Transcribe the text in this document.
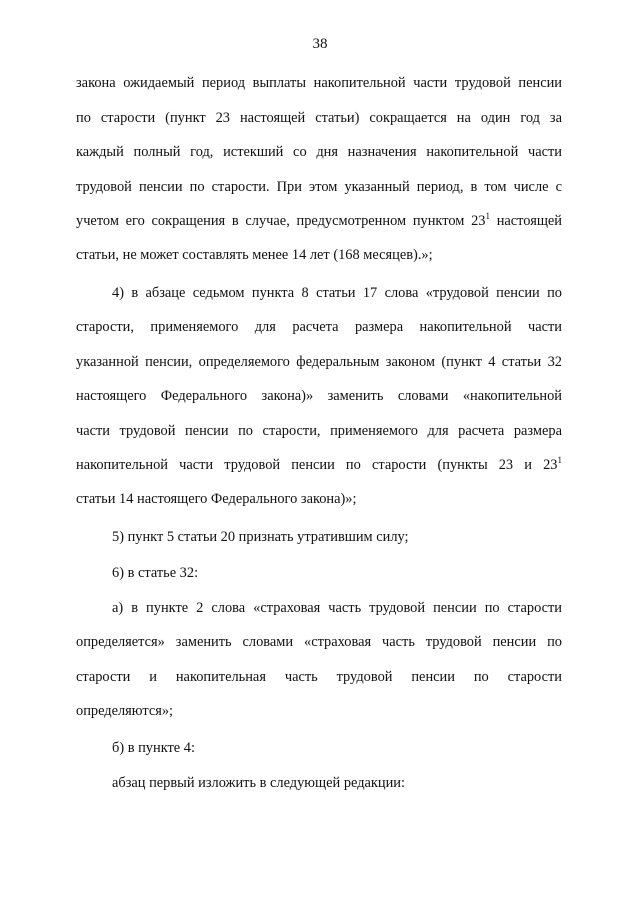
38
закона ожидаемый период выплаты накопительной части трудовой пенсии
по старости (пункт 23 настоящей статьи) сокращается на один год за
каждый полный год, истекший со дня назначения накопительной части
трудовой пенсии по старости. При этом указанный период, в том числе с
учетом его сокращения в случае, предусмотренном пунктом $23^1$ настоящей
статьи, не может составлять менее 14 лет (168 месяцев).»;
4) в абзаце седьмом пункта 8 статьи 17 слова «трудовой пенсии по
старости, применяемого для расчета размера накопительной части
указанной пенсии, определяемого федеральным законом (пункт 4 статьи 32
настоящего Федерального закона)» заменить словами «накопительной
части трудовой пенсии по старости, применяемого для расчета размера
накопительной части трудовой пенсии по старости (пункты 23 и $23^1$
статьи 14 настоящего Федерального закона)»;
5) пункт 5 статьи 20 признать утратившим силу;
6) в статье 32:
а) в пункте 2 слова «страховая часть трудовой пенсии по старости
определяется» заменить словами «страховая часть трудовой пенсии по
старости и накопительная часть трудовой пенсии по старости
определяются»;
б) в пункте 4:
абзац первый изложить в следующей редакции:
